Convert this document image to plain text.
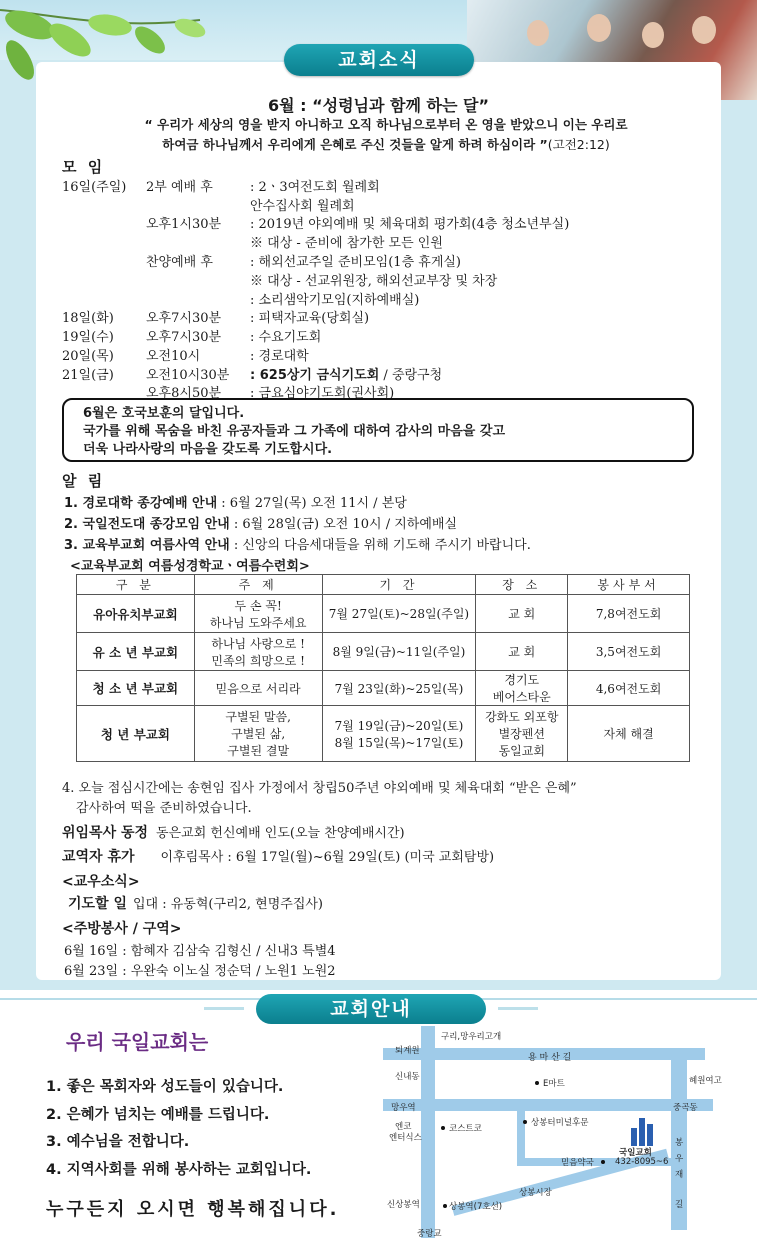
교회소식
6월 : “성령님과 함께 하는 달”
“ 우리가 세상의 영을 받지 아니하고 오직 하나님으로부터 온 영을 받았으니 이는 우리로
하여금 하나님께서 우리에게 은혜로 주신 것들을 알게 하려 하심이라 ”(고전2:12)
모 임
16일(주일) 2부 예배 후	: 2ㆍ3여전도회 월례회
안수집사회 월례회
오후1시30분 : 2019년 야외예배 및 체육대회 평가회(4층 청소년부실)
※ 대상 - 준비에 참가한 모든 인원
찬양예배 후	: 해외선교주일 준비모임(1층 휴게실)
※ 대상 - 선교위원장, 해외선교부장 및 차장
: 소리샘악기모임(지하예배실)
18일(화) 오후7시30분 : 피택자교육(당회실)
19일(수) 오후7시30분 : 수요기도회
20일(목) 오전10시	: 경로대학
21일(금) 오전10시30분 : 625상기 금식기도회 / 중랑구청
오후8시50분 : 금요심야기도회(권사회)
6월은 호국보훈의 달입니다.
국가를 위해 목숨을 바친 유공자들과 그 가족에 대하여 감사의 마음을 갖고
더욱 나라사랑의 마음을 갖도록 기도합시다.
알 림
1. 경로대학 종강예배 안내 : 6월 27일(목) 오전 11시 / 본당
2. 국일전도대 종강모임 안내 : 6월 28일(금) 오전 10시 / 지하예배실
3. 교육부교회 여름사역 안내 : 신앙의 다음세대들을 위해 기도해 주시기 바랍니다.
<교육부교회 여름성경학교ㆍ여름수련회>
구 분	주 제	기 간	장 소	봉사부서
유아유치부교회	두 손 꼭!
하나님 도와주세요	7월 27일(토)~28일(주일)	교 회	7,8여전도회
유 소 년 부교회	하나님 사랑으로 !
민족의 희망으로 !	8월 9일(금)~11일(주일)	교 회	3,5여전도회
청 소 년 부교회	믿음으로 서리라	7월 23일(화)~25일(목)	경기도
베어스타운	4,6여전도회
청 년 부교회	구별된 말씀,
구별된 삶,
구별된 결말	7월 19일(금)~20일(토)
8월 15일(목)~17일(토)	강화도 외포항
별장펜션
동일교회	자체 해결
4. 오늘 점심시간에는 송현임 집사 가정에서 창립50주년 야외예배 및 체육대회 “받은 은혜”
감사하여 떡을 준비하였습니다.
위임목사 동정 동은교회 헌신예배 인도(오늘 찬양예배시간)
교역자 휴가 이후림목사 : 6월 17일(월)~6월 29일(토) (미국 교회탐방)
<교우소식>
기도할 일 입대 : 유동혁(구리2, 현명주집사)
<주방봉사 / 구역>
6월 16일 : 함혜자 김삼숙 김형신 / 신내3 특별4
6월 23일 : 우완숙 이노실 정순덕 / 노원1 노원2
교회안내
우리 국일교회는
1. 좋은 목회자와 성도들이 있습니다.
2. 은혜가 넘치는 예배를 드립니다.
3. 예수님을 전합니다.
4. 지역사회를 위해 봉사하는 교회입니다.
누구든지 오시면 행복해집니다.
구리,망우리고개
퇴계원
용 마 산 길
신내동
E마트	혜원여고
망우역	중곡동
엔코
엔터식스
코스트코
상봉터미널후문
국일교회
432-8095~6
봉
우
재
길
믿음약국
상봉시장
신상봉역	상봉역(7호선)
중랑교
